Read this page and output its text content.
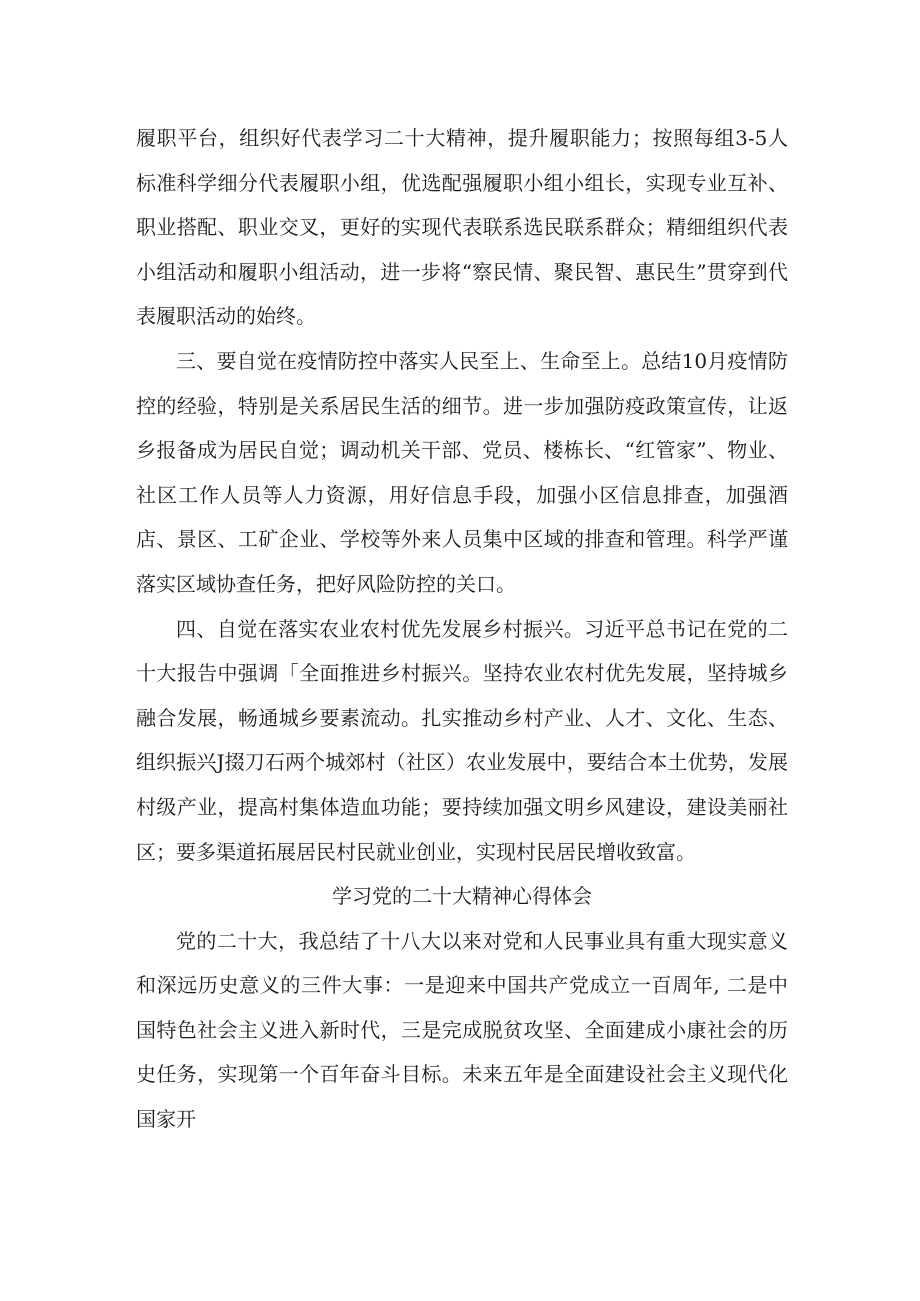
履职平台，组织好代表学习二十大精神，提升履职能力；按照每组3-5人标准科学细分代表履职小组，优选配强履职小组小组长，实现专业互补、职业搭配、职业交叉，更好的实现代表联系选民联系群众；精细组织代表小组活动和履职小组活动，进一步将“察民情、聚民智、惠民生”贯穿到代表履职活动的始终。

三、要自觉在疫情防控中落实人民至上、生命至上。总结10月疫情防控的经验，特别是关系居民生活的细节。进一步加强防疫政策宣传，让返乡报备成为居民自觉；调动机关干部、党员、楼栋长、“红管家”、物业、社区工作人员等人力资源，用好信息手段，加强小区信息排查，加强酒店、景区、工矿企业、学校等外来人员集中区域的排查和管理。科学严谨落实区域协查任务，把好风险防控的关口。

四、自觉在落实农业农村优先发展乡村振兴。习近平总书记在党的二十大报告中强调「全面推进乡村振兴。坚持农业农村优先发展，坚持城乡融合发展，畅通城乡要素流动。扎实推动乡村产业、人才、文化、生态、组织振兴J掇刀石两个城郊村（社区）农业发展中，要结合本土优势，发展村级产业，提高村集体造血功能；要持续加强文明乡风建设，建设美丽社区；要多渠道拓展居民村民就业创业，实现村民居民增收致富。

学习党的二十大精神心得体会

党的二十大，我总结了十八大以来对党和人民事业具有重大现实意义和深远历史意义的三件大事：一是迎来中国共产党成立一百周年, 二是中国特色社会主义进入新时代，三是完成脱贫攻坚、全面建成小康社会的历史任务，实现第一个百年奋斗目标。未来五年是全面建设社会主义现代化国家开
